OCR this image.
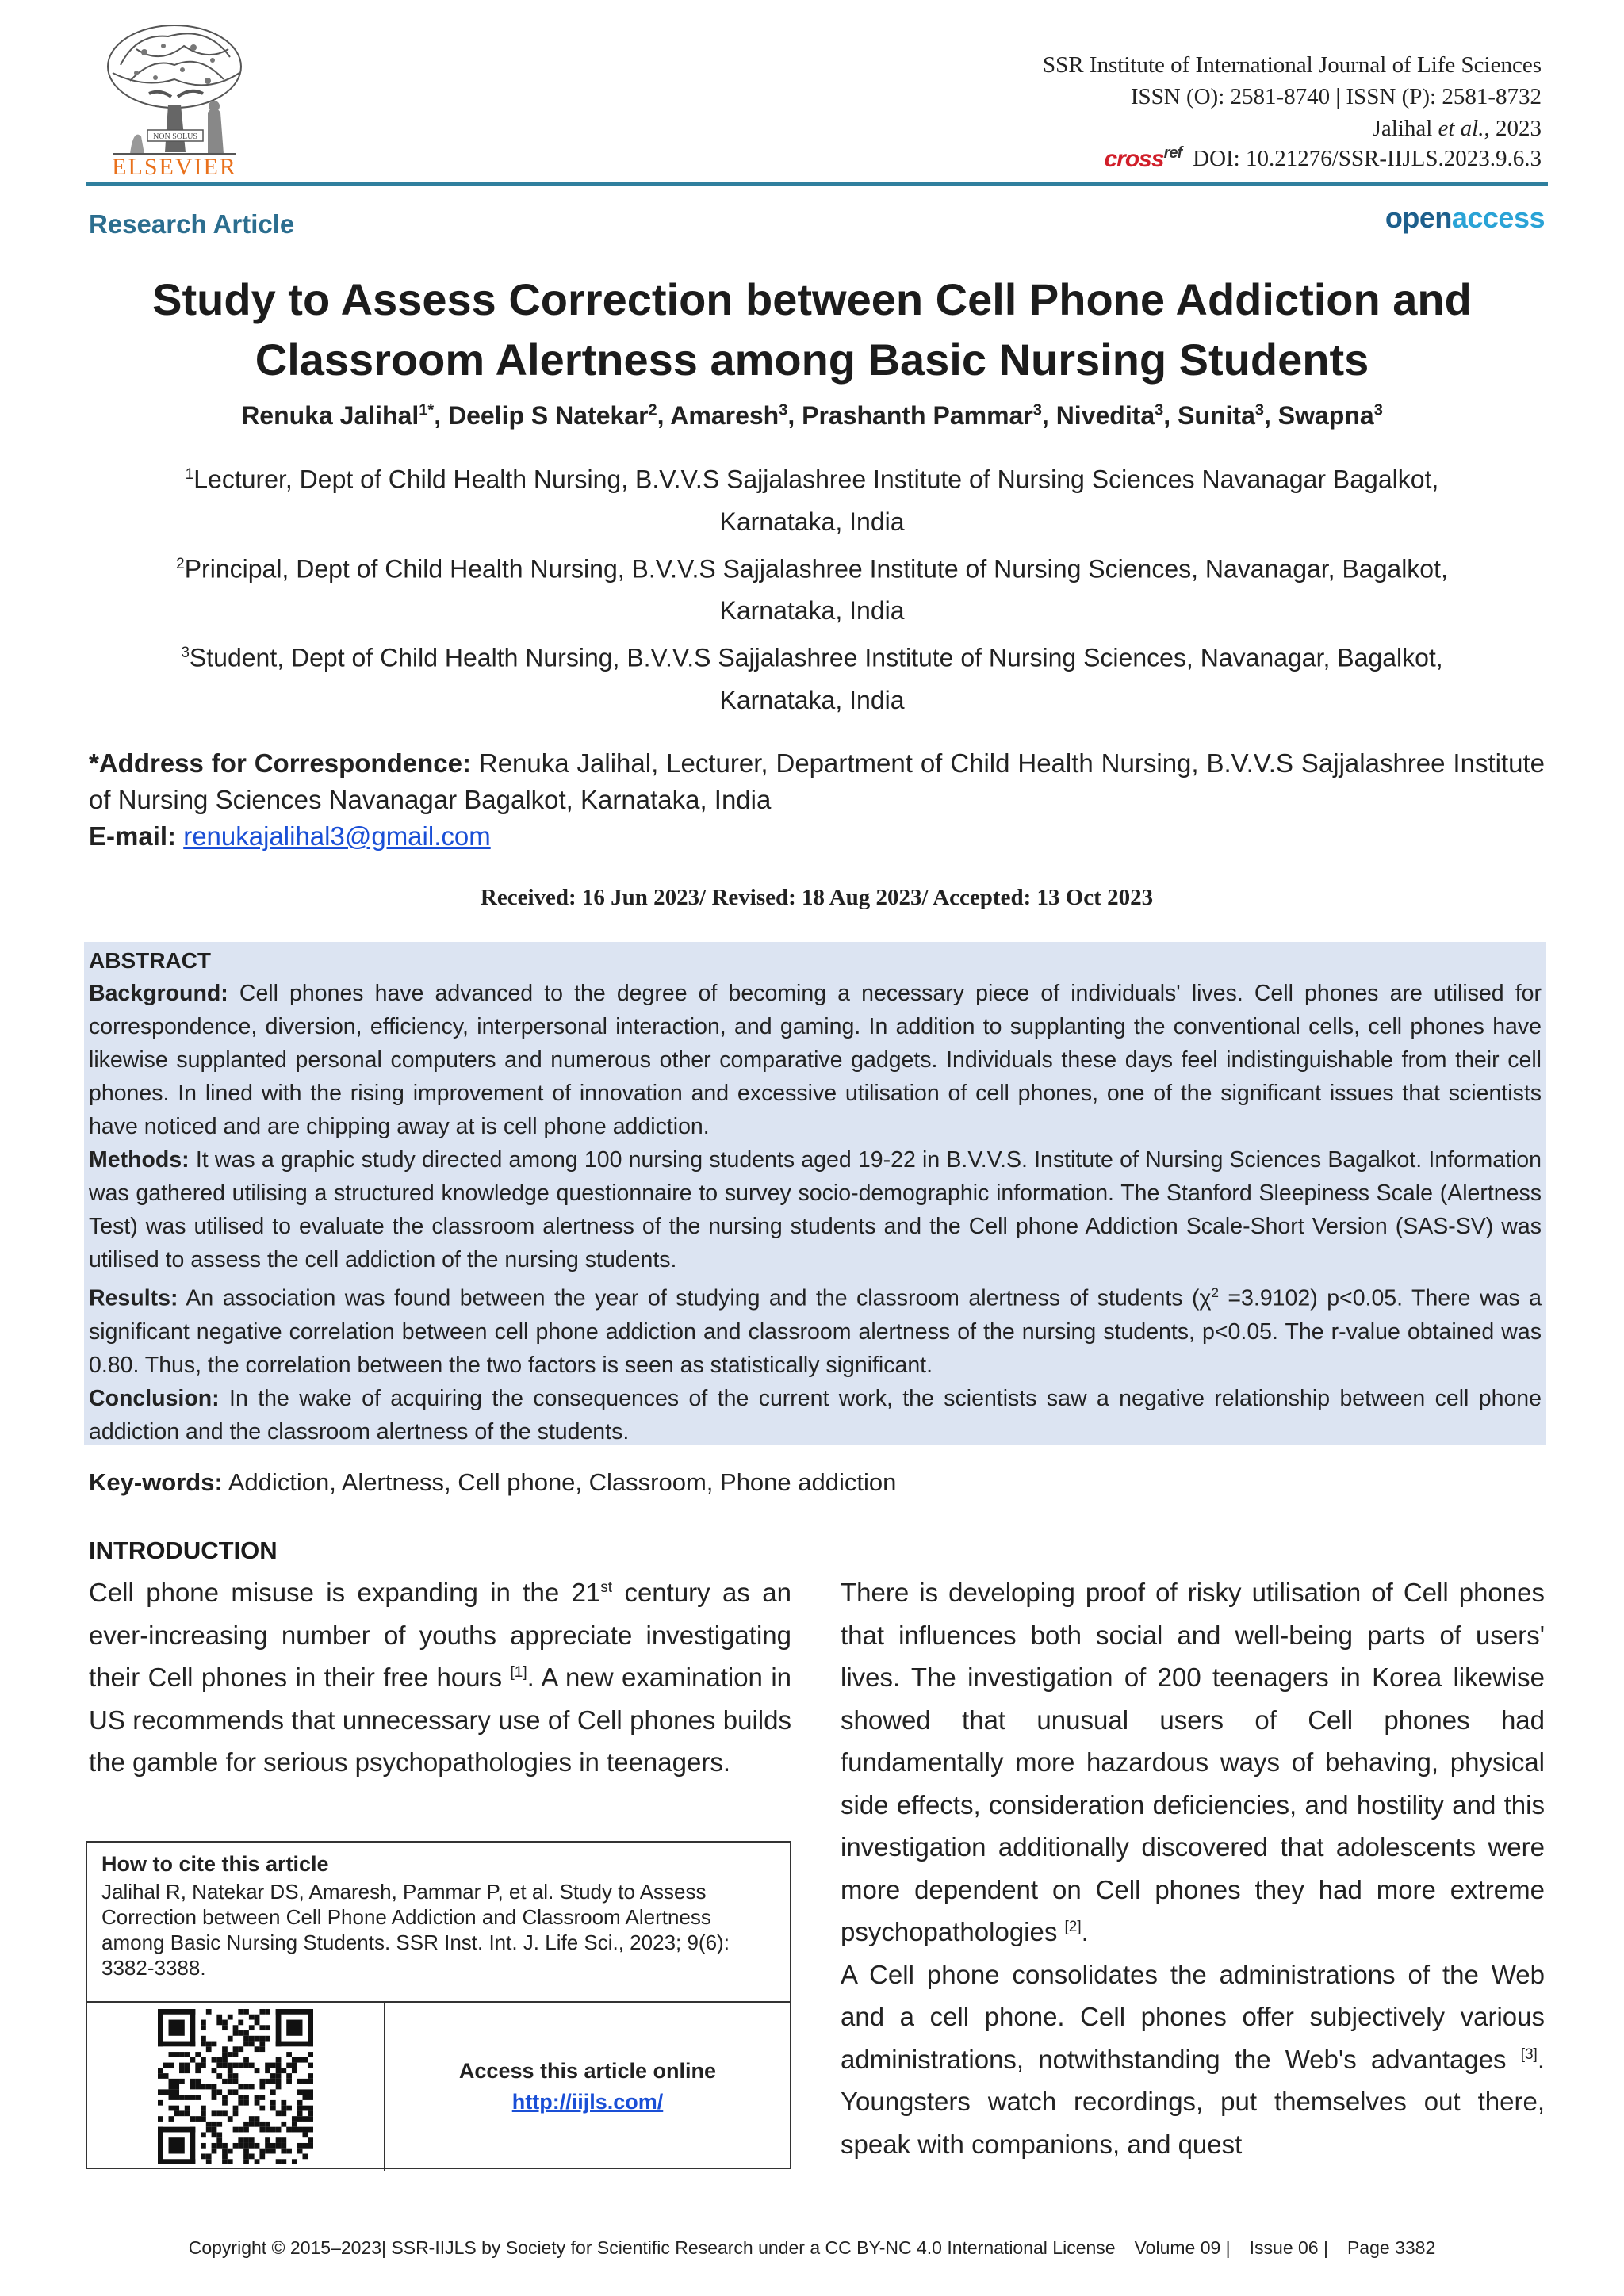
NON SOLUS
ELSEVIER
SSR Institute of International Journal of Life Sciences
ISSN (O): 2581-8740 | ISSN (P): 2581-8732
Jalihal et al., 2023
cross$^{ref}$ DOI: 10.21276/SSR-IIJLS.2023.9.6.3
Research Article	openaccess
Study to Assess Correction between Cell Phone Addiction and
Classroom Alertness among Basic Nursing Students
Renuka Jalihal$^{1*}$, Deelip S Natekar$^2$, Amaresh$^3$, Prashanth Pammar$^3$, Nivedita$^3$, Sunita$^3$, Swapna$^3$
$^1$Lecturer, Dept of Child Health Nursing, B.V.V.S Sajjalashree Institute of Nursing Sciences Navanagar Bagalkot,
Karnataka, India
$^2$Principal, Dept of Child Health Nursing, B.V.V.S Sajjalashree Institute of Nursing Sciences, Navanagar, Bagalkot,
Karnataka, India
$^3$Student, Dept of Child Health Nursing, B.V.V.S Sajjalashree Institute of Nursing Sciences, Navanagar, Bagalkot,
Karnataka, India
*Address for Correspondence: Renuka Jalihal, Lecturer, Department of Child Health Nursing, B.V.V.S Sajjalashree Institute of Nursing Sciences Navanagar Bagalkot, Karnataka, India
E-mail: renukajalihal3@gmail.com
Received: 16 Jun 2023/ Revised: 18 Aug 2023/ Accepted: 13 Oct 2023
ABSTRACT
Background: Cell phones have advanced to the degree of becoming a necessary piece of individuals' lives. Cell phones are utilised for correspondence, diversion, efficiency, interpersonal interaction, and gaming. In addition to supplanting the conventional cells, cell phones have likewise supplanted personal computers and numerous other comparative gadgets. Individuals these days feel indistinguishable from their cell phones. In lined with the rising improvement of innovation and excessive utilisation of cell phones, one of the significant issues that scientists have noticed and are chipping away at is cell phone addiction.
Methods: It was a graphic study directed among 100 nursing students aged 19-22 in B.V.V.S. Institute of Nursing Sciences Bagalkot. Information was gathered utilising a structured knowledge questionnaire to survey socio-demographic information. The Stanford Sleepiness Scale (Alertness Test) was utilised to evaluate the classroom alertness of the nursing students and the Cell phone Addiction Scale-Short Version (SAS-SV) was utilised to assess the cell addiction of the nursing students.
Results: An association was found between the year of studying and the classroom alertness of students $(\chi^2 =3.9102)$ p<0.05. There was a significant negative correlation between cell phone addiction and classroom alertness of the nursing students, p<0.05. The r-value obtained was 0.80. Thus, the correlation between the two factors is seen as statistically significant.
Conclusion: In the wake of acquiring the consequences of the current work, the scientists saw a negative relationship between cell phone addiction and the classroom alertness of the students.
Key-words: Addiction, Alertness, Cell phone, Classroom, Phone addiction
INTRODUCTION
Cell phone misuse is expanding in the 21st century as an ever-increasing number of youths appreciate investigating their Cell phones in their free hours [1]. A new examination in US recommends that unnecessary use of Cell phones builds the gamble for serious psychopathologies in teenagers.
There is developing proof of risky utilisation of Cell phones that influences both social and well-being parts of users' lives. The investigation of 200 teenagers in Korea likewise showed that unusual users of Cell phones had fundamentally more hazardous ways of behaving, physical side effects, consideration deficiencies, and hostility and this investigation additionally discovered that adolescents were more dependent on Cell phones they had more extreme psychopathologies [2].
A Cell phone consolidates the administrations of the Web and a cell phone. Cell phones offer subjectively various administrations, notwithstanding the Web's advantages [3]. Youngsters watch recordings, put themselves out there, speak with companions, and quest
How to cite this article
Jalihal R, Natekar DS, Amaresh, Pammar P, et al. Study to Assess Correction between Cell Phone Addiction and Classroom Alertness among Basic Nursing Students. SSR Inst. Int. J. Life Sci., 2023; 9(6): 3382-3388.
Access this article online
http://iijls.com/
Copyright © 2015–2023| SSR-IIJLS by Society for Scientific Research under a CC BY-NC 4.0 International License Volume 09 | Issue 06 | Page 3382
